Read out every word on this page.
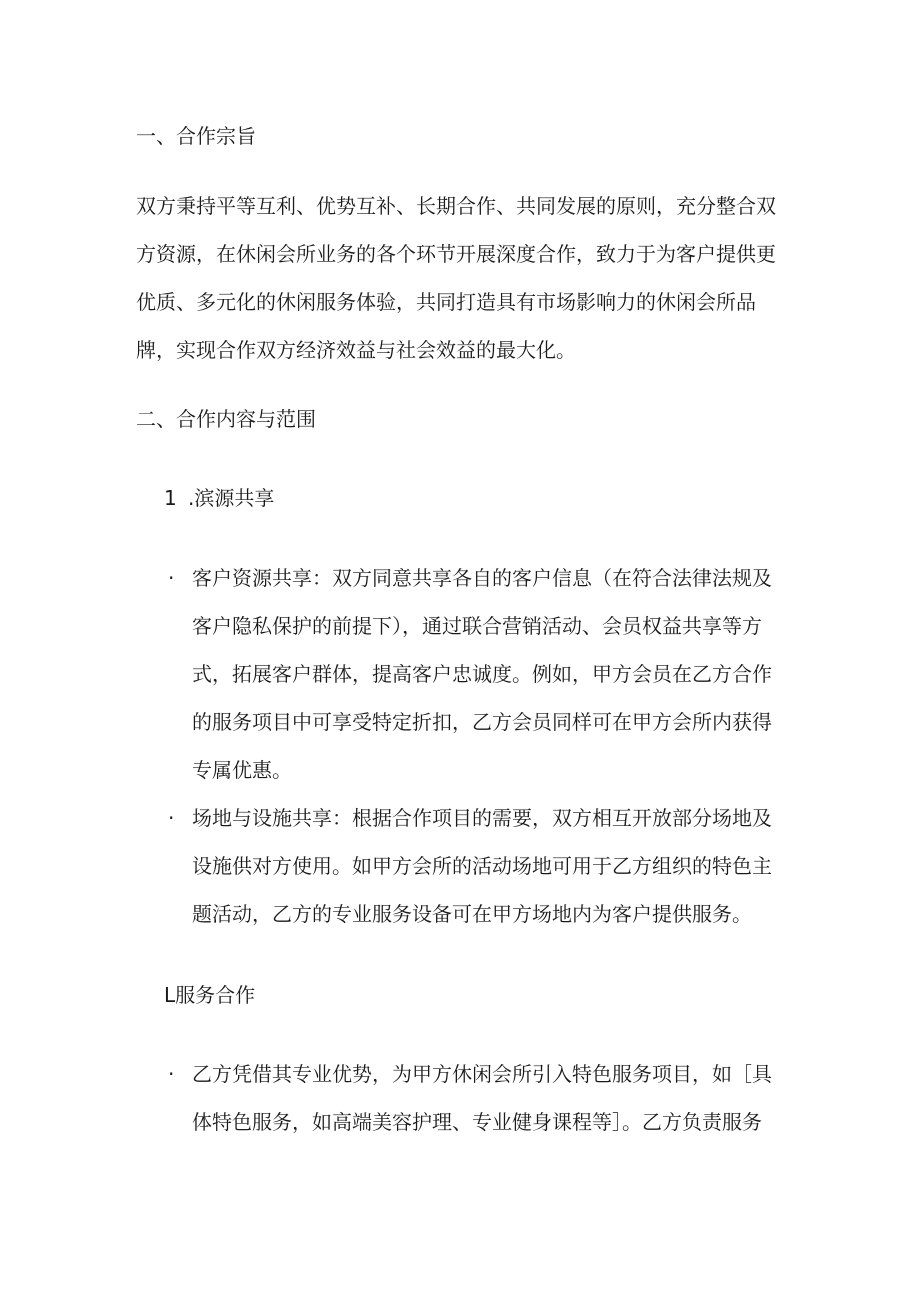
一、合作宗旨

双方秉持平等互利、优势互补、长期合作、共同发展的原则，充分整合双
方资源，在休闲会所业务的各个环节开展深度合作，致力于为客户提供更
优质、多元化的休闲服务体验，共同打造具有市场影响力的休闲会所品
牌，实现合作双方经济效益与社会效益的最大化。

二、合作内容与范围
1 .滨源共享
· 客户资源共享：双方同意共享各自的客户信息（在符合法律法规及
客户隐私保护的前提下），通过联合营销活动、会员权益共享等方
式，拓展客户群体，提高客户忠诚度。例如，甲方会员在乙方合作
的服务项目中可享受特定折扣，乙方会员同样可在甲方会所内获得
专属优惠。
· 场地与设施共享：根据合作项目的需要，双方相互开放部分场地及
设施供对方使用。如甲方会所的活动场地可用于乙方组织的特色主
题活动，乙方的专业服务设备可在甲方场地内为客户提供服务。
L服务合作
· 乙方凭借其专业优势，为甲方休闲会所引入特色服务项目，如［具
体特色服务，如高端美容护理、专业健身课程等］。乙方负责服务
